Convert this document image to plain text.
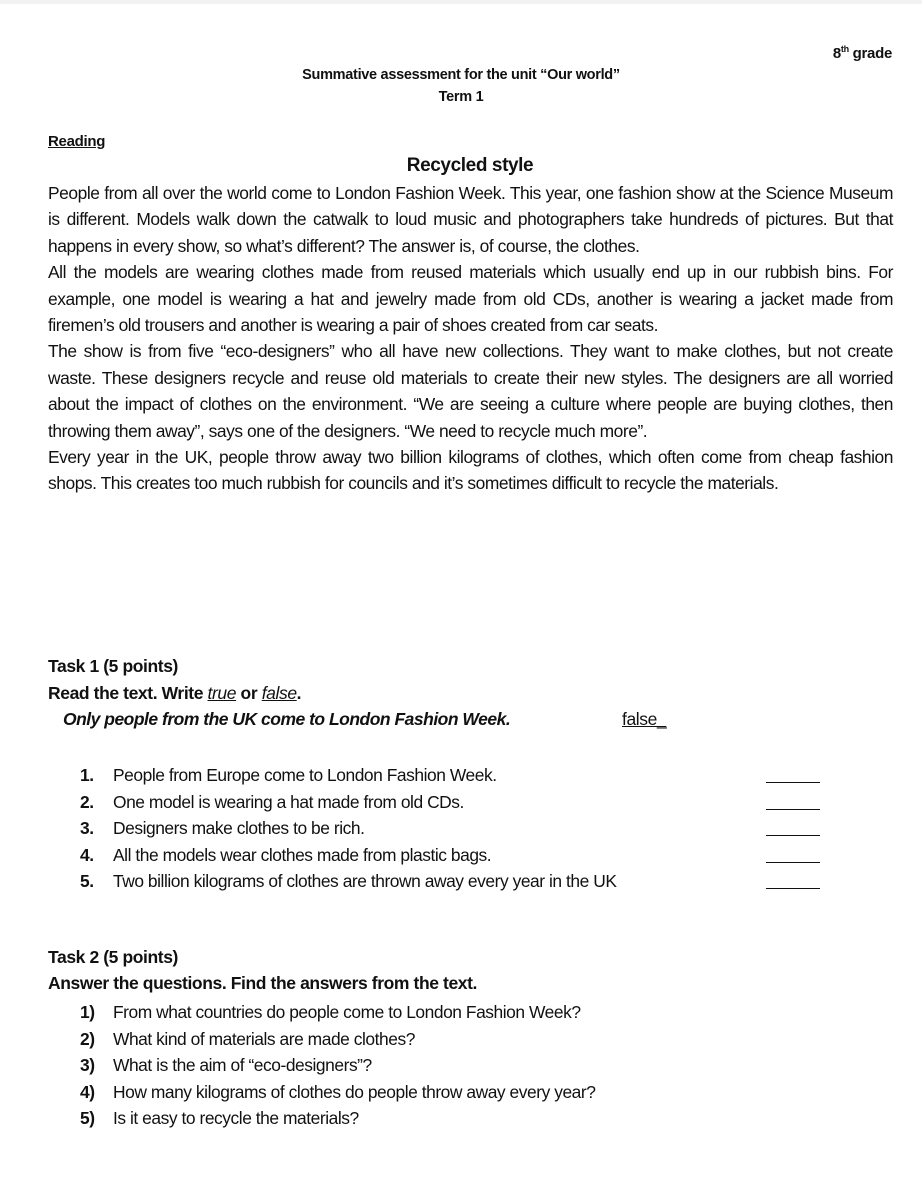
8th grade
Summative assessment for the unit “Our world”
Term 1
Reading
Recycled style

People from all over the world come to London Fashion Week. This year, one fashion show at the Science Museum is different. Models walk down the catwalk to loud music and photographers take hundreds of pictures. But that happens in every show, so what’s different? The answer is, of course, the clothes.

All the models are wearing clothes made from reused materials which usually end up in our rubbish bins. For example, one model is wearing a hat and jewelry made from old CDs, another is wearing a jacket made from firemen’s old trousers and another is wearing a pair of shoes created from car seats.

The show is from five “eco-designers” who all have new collections. They want to make clothes, but not create waste. These designers recycle and reuse old materials to create their new styles. The designers are all worried about the impact of clothes on the environment. “We are seeing a culture where people are buying clothes, then throwing them away”, says one of the designers. “We need to recycle much more”.

Every year in the UK, people throw away two billion kilograms of clothes, which often come from cheap fashion shops. This creates too much rubbish for councils and it’s sometimes difficult to recycle the materials.

Task 1 (5 points)
Read the text. Write true or false.
Only people from the UK come to London Fashion Week.	false_
1. People from Europe come to London Fashion Week.
2. One model is wearing a hat made from old CDs.
3. Designers make clothes to be rich.
4. All the models wear clothes made from plastic bags.
5. Two billion kilograms of clothes are thrown away every year in the UK
Task 2 (5 points)
Answer the questions. Find the answers from the text.
1) From what countries do people come to London Fashion Week?
2) What kind of materials are made clothes?
3) What is the aim of “eco-designers”?
4) How many kilograms of clothes do people throw away every year?
5) Is it easy to recycle the materials?
